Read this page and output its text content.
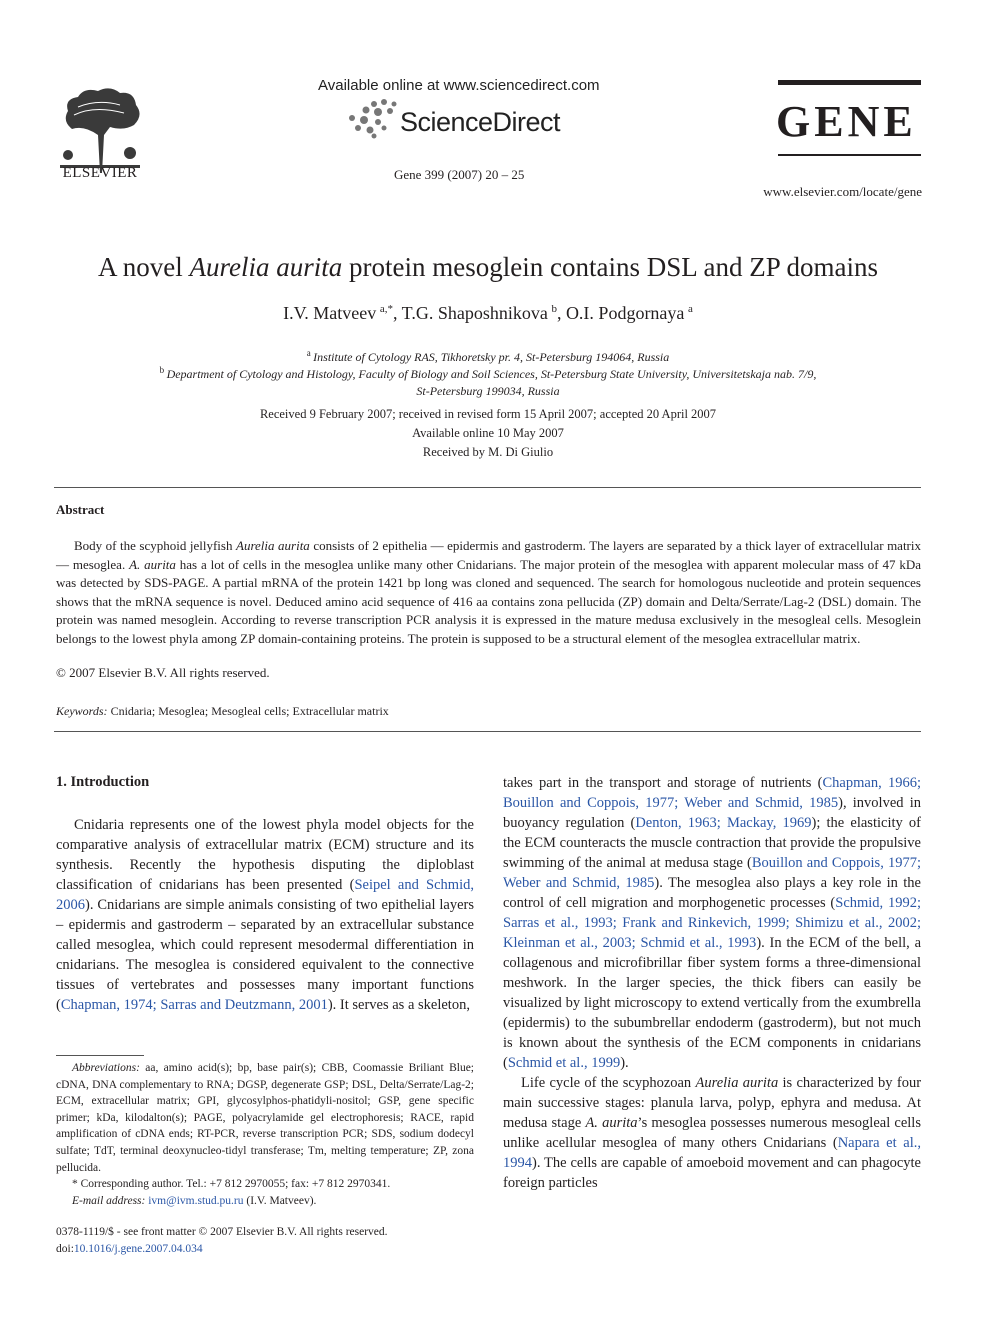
ELSEVIER
Available online at www.sciencedirect.com
ScienceDirect
Gene 399 (2007) 20 – 25
GENE
www.elsevier.com/locate/gene
A novel Aurelia aurita protein mesoglein contains DSL and ZP domains
I.V. Matveev  $^{a,*}$, T.G. Shaposhnikova  $^b$, O.I. Podgornaya  $^a$
$^a$  Institute of Cytology RAS, Tikhoretsky pr. 4, St-Petersburg 194064, Russia
$^b$  Department of Cytology and Histology, Faculty of Biology and Soil Sciences, St-Petersburg State University, Universitetskaja nab. 7/9,
St-Petersburg 199034, Russia
Received 9 February 2007; received in revised form 15 April 2007; accepted 20 April 2007
Available online 10 May 2007
Received by M. Di Giulio
Abstract
Body of the scyphoid jellyfish Aurelia aurita consists of 2 epithelia — epidermis and gastroderm. The layers are separated by a thick layer of extracellular matrix — mesoglea. A. aurita has a lot of cells in the mesoglea unlike many other Cnidarians. The major protein of the mesoglea with apparent molecular mass of 47 kDa was detected by SDS-PAGE. A partial mRNA of the protein 1421 bp long was cloned and sequenced. The search for homologous nucleotide and protein sequences shows that the mRNA sequence is novel. Deduced amino acid sequence of 416 aa contains zona pellucida (ZP) domain and Delta/Serrate/Lag-2 (DSL) domain. The protein was named mesoglein. According to reverse transcription PCR analysis it is expressed in the mature medusa exclusively in the mesogleal cells. Mesoglein belongs to the lowest phyla among ZP domain-containing proteins. The protein is supposed to be a structural element of the mesoglea extracellular matrix.
© 2007 Elsevier B.V. All rights reserved.
Keywords: Cnidaria; Mesoglea; Mesogleal cells; Extracellular matrix
1. Introduction

Cnidaria represents one of the lowest phyla model objects for the comparative analysis of extracellular matrix (ECM) structure and its synthesis. Recently the hypothesis disputing the diploblast classification of cnidarians has been presented (Seipel and Schmid, 2006). Cnidarians are simple animals consisting of two epithelial layers – epidermis and gastroderm – separated by an extracellular substance called mesoglea, which could represent mesodermal differentiation in cnidarians. The mesoglea is considered equivalent to the connective tissues of vertebrates and possesses many important functions (Chapman, 1974; Sarras and Deutzmann, 2001). It serves as a skeleton,

Abbreviations: aa, amino acid(s); bp, base pair(s); CBB, Coomassie Briliant Blue; cDNA, DNA complementary to RNA; DGSP, degenerate GSP; DSL, Delta/Serrate/Lag-2; ECM, extracellular matrix; GPI, glycosylphos-phatidyli-nositol; GSP, gene specific primer; kDa, kilodalton(s); PAGE, polyacrylamide gel electrophoresis; RACE, rapid amplification of cDNA ends; RT-PCR, reverse transcription PCR; SDS, sodium dodecyl sulfate; TdT, terminal deoxynucleo-tidyl transferase; Tm, melting temperature; ZP, zona pellucida.

* Corresponding author. Tel.: +7 812 2970055; fax: +7 812 2970341.

E-mail address: ivm@ivm.stud.pu.ru (I.V. Matveev).

0378-1119/$ - see front matter © 2007 Elsevier B.V. All rights reserved.
doi:10.1016/j.gene.2007.04.034

takes part in the transport and storage of nutrients (Chapman, 1966; Bouillon and Coppois, 1977; Weber and Schmid, 1985), involved in buoyancy regulation (Denton, 1963; Mackay, 1969); the elasticity of the ECM counteracts the muscle contraction that provide the propulsive swimming of the animal at medusa stage (Bouillon and Coppois, 1977; Weber and Schmid, 1985). The mesoglea also plays a key role in the control of cell migration and morphogenetic processes (Schmid, 1992; Sarras et al., 1993; Frank and Rinkevich, 1999; Shimizu et al., 2002; Kleinman et al., 2003; Schmid et al., 1993). In the ECM of the bell, a collagenous and microfibrillar fiber system forms a three-dimensional meshwork. In the larger species, the thick fibers can easily be visualized by light microscopy to extend vertically from the exumbrella (epidermis) to the subumbrellar endoderm (gastroderm), but not much is known about the synthesis of the ECM components in cnidarians (Schmid et al., 1999).

Life cycle of the scyphozoan Aurelia aurita is characterized by four main successive stages: planula larva, polyp, ephyra and medusa. At medusa stage A. aurita’s mesoglea possesses numerous mesogleal cells unlike acellular mesoglea of many others Cnidarians (Napara et al., 1994). The cells are capable of amoeboid movement and can phagocyte foreign particles
